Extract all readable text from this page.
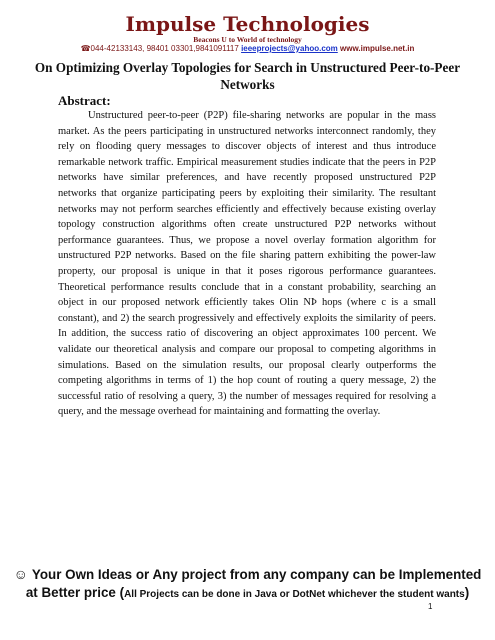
Impulse Technologies
Beacons U to World of technology
☎044-42133143, 98401 03301,9841091117 ieeeprojects@yahoo.com www.impulse.net.in
On Optimizing Overlay Topologies for Search in Unstructured Peer-to-Peer Networks
Abstract:

Unstructured peer-to-peer (P2P) file-sharing networks are popular in the mass market. As the peers participating in unstructured networks interconnect randomly, they rely on flooding query messages to discover objects of interest and thus introduce remarkable network traffic. Empirical measurement studies indicate that the peers in P2P networks have similar preferences, and have recently proposed unstructured P2P networks that organize participating peers by exploiting their similarity. The resultant networks may not perform searches efficiently and effectively because existing overlay topology construction algorithms often create unstructured P2P networks without performance guarantees. Thus, we propose a novel overlay formation algorithm for unstructured P2P networks. Based on the file sharing pattern exhibiting the power-law property, our proposal is unique in that it poses rigorous performance guarantees. Theoretical performance results conclude that in a constant probability, searching an object in our proposed network efficiently takes Olin NÞ hops (where c is a small constant), and 2) the search progressively and effectively exploits the similarity of peers. In addition, the success ratio of discovering an object approximates 100 percent. We validate our theoretical analysis and compare our proposal to competing algorithms in simulations. Based on the simulation results, our proposal clearly outperforms the competing algorithms in terms of 1) the hop count of routing a query message, 2) the successful ratio of resolving a query, 3) the number of messages required for resolving a query, and the message overhead for maintaining and formatting the overlay.

☺ Your Own Ideas or Any project from any company can be Implemented
at Better price (All Projects can be done in Java or DotNet whichever the student wants)
1
